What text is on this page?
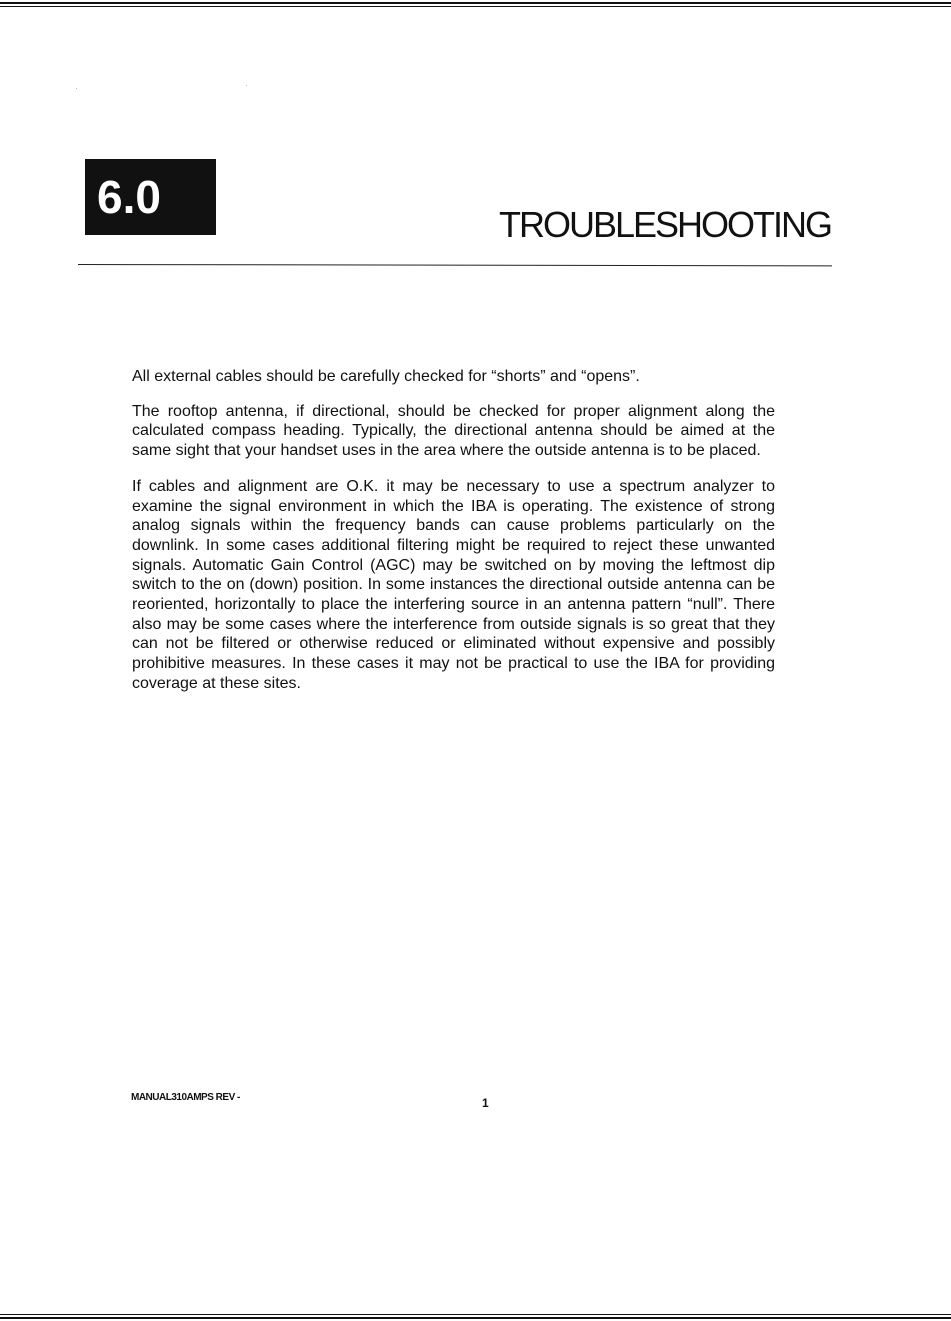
6.0
TROUBLESHOOTING

All external cables should be carefully checked for “shorts” and “opens”.

The rooftop antenna, if directional, should be checked for proper alignment along the calculated compass heading. Typically, the directional antenna should be aimed at the same sight that your handset uses in the area where the outside antenna is to be placed.

If cables and alignment are O.K. it may be necessary to use a spectrum analyzer to examine the signal environment in which the IBA is operating. The existence of strong analog signals within the frequency bands can cause problems particularly on the downlink. In some cases additional filtering might be required to reject these unwanted signals. Automatic Gain Control (AGC) may be switched on by moving the leftmost dip switch to the on (down) position. In some instances the directional outside antenna can be reoriented, horizontally to place the interfering source in an antenna pattern “null”. There also may be some cases where the interference from outside signals is so great that they can not be filtered or otherwise reduced or eliminated without expensive and possibly prohibitive measures. In these cases it may not be practical to use the IBA for providing coverage at these sites.

MANUAL310AMPS REV -	1
